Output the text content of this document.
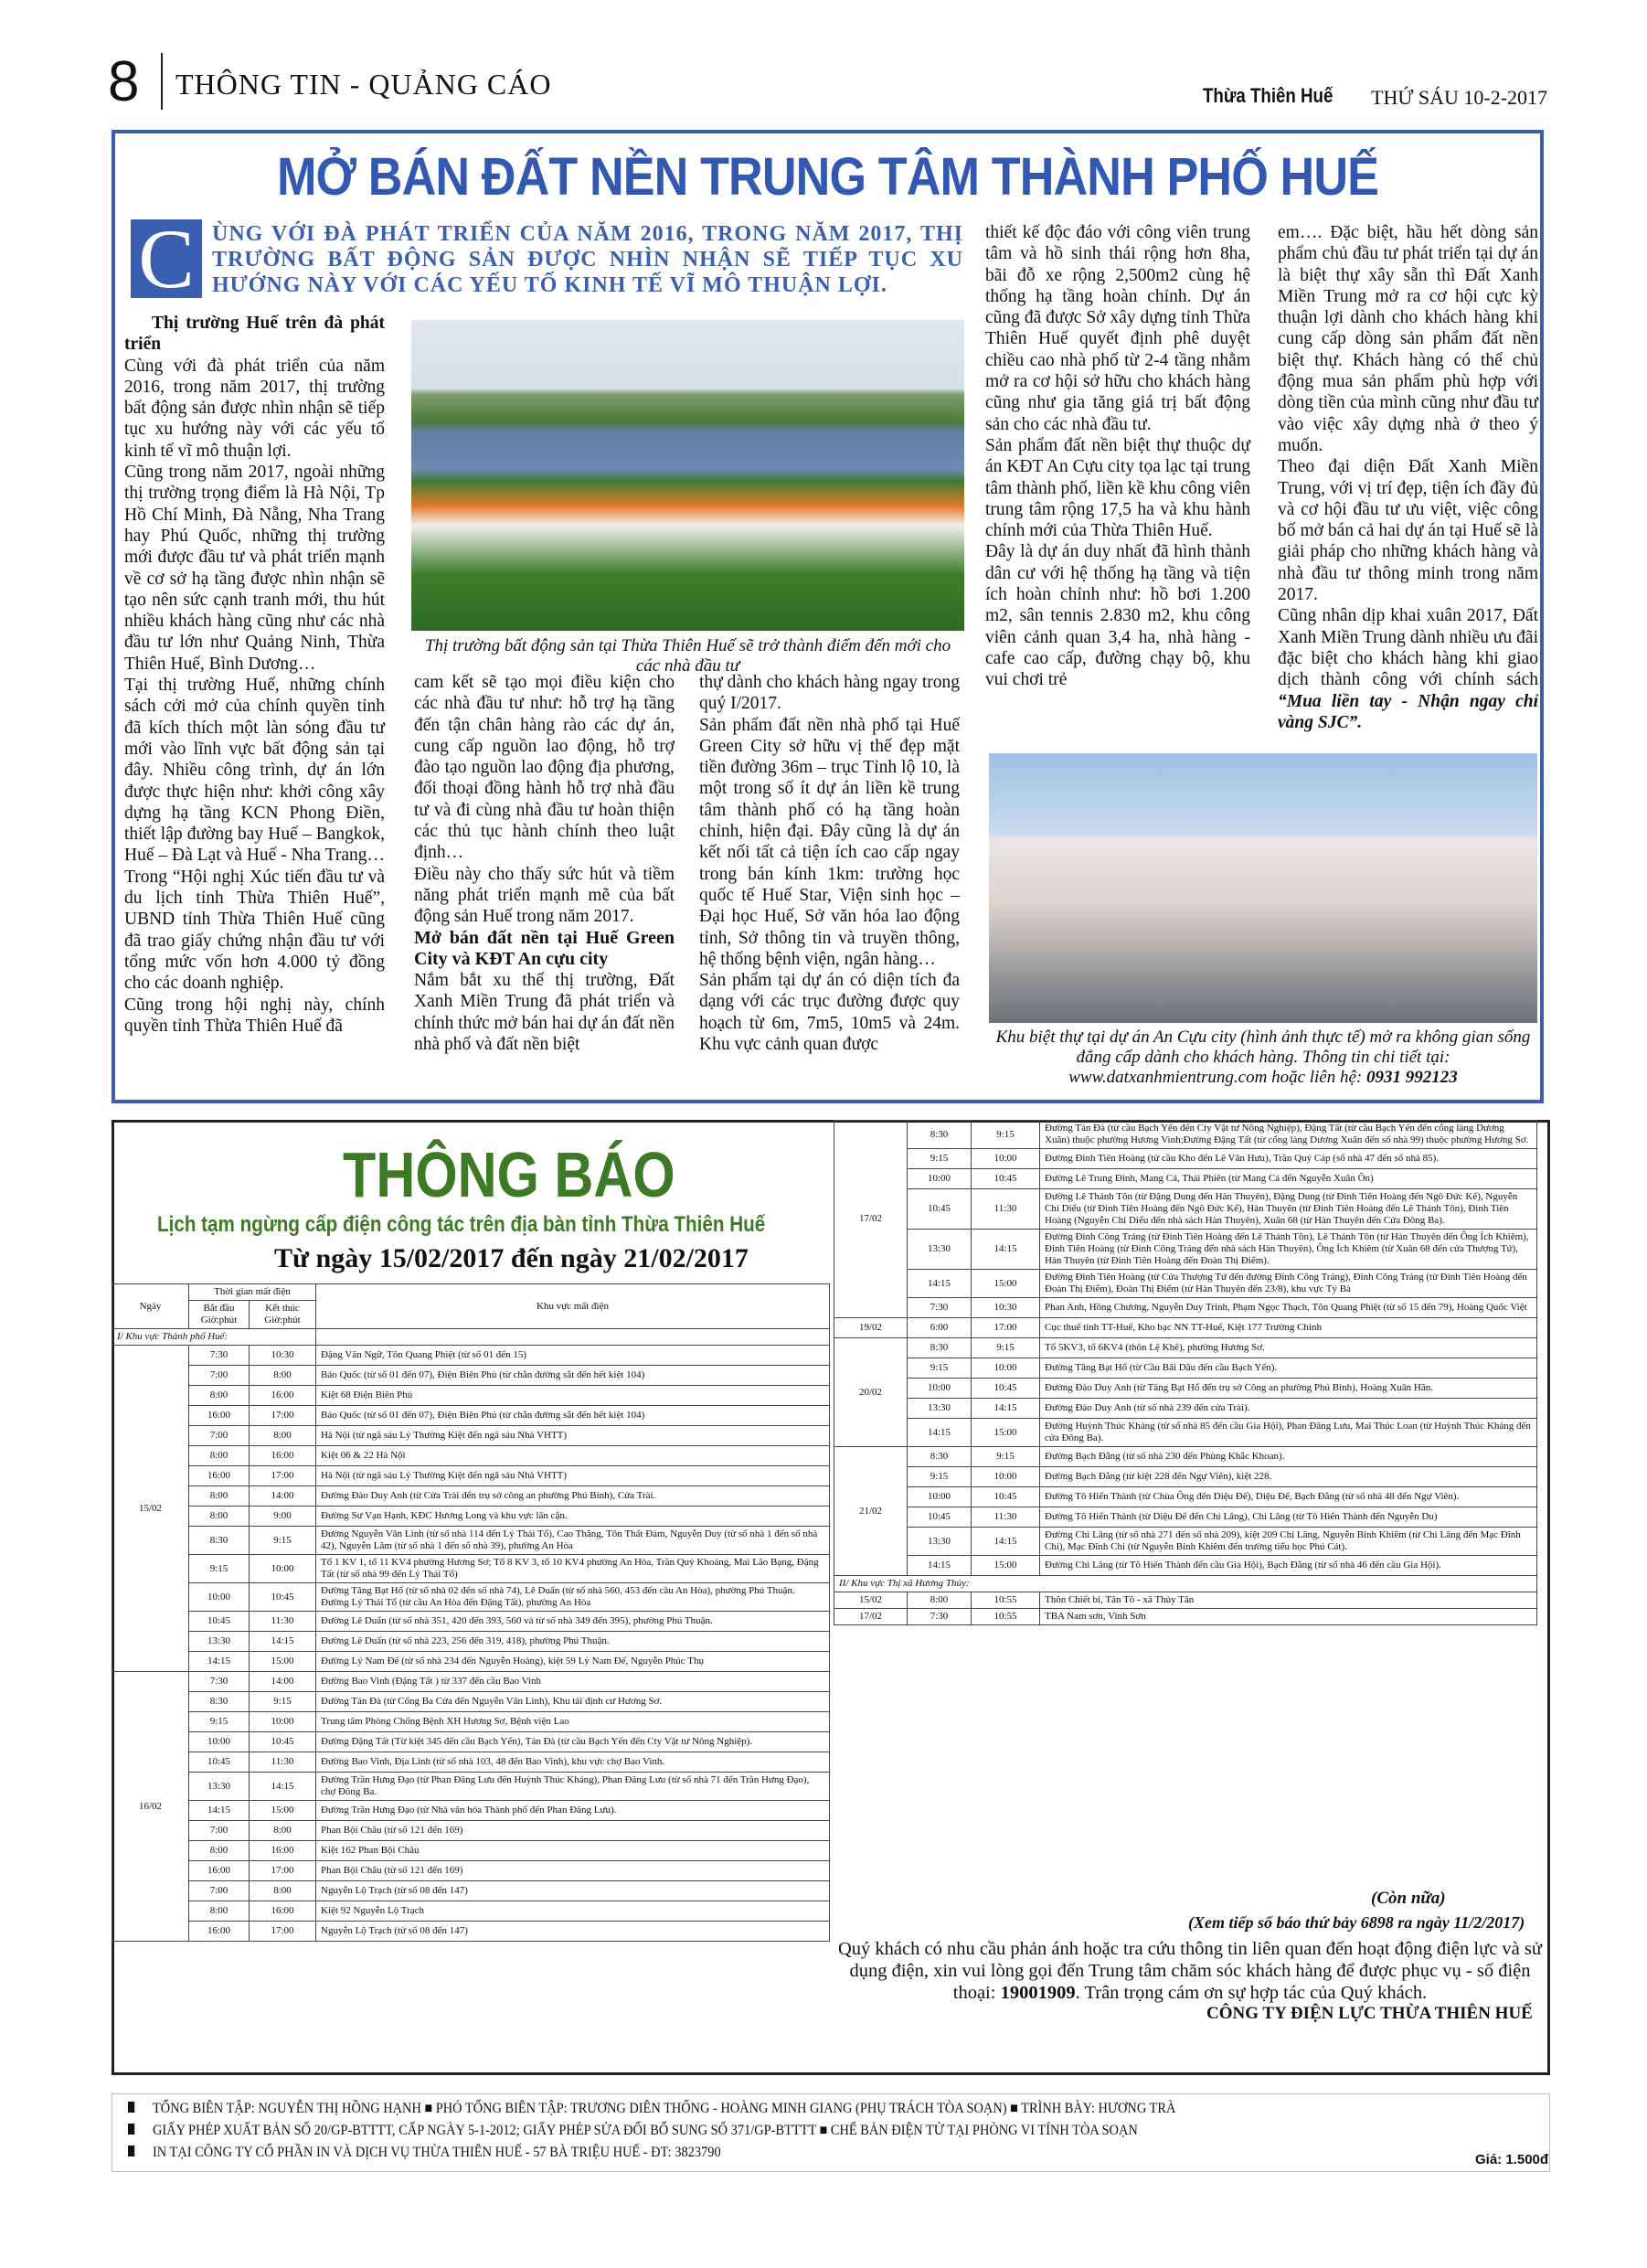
8 THÔNG TIN - QUẢNG CÁO	Thừa Thiên Huế THỨ SÁU 10-2-2017
MỞ BÁN ĐẤT NỀN TRUNG TÂM THÀNH PHỐ HUẾ
C ÙNG VỚI ĐÀ PHÁT TRIỂN CỦA NĂM 2016, TRONG NĂM 2017, THỊ TRƯỜNG BẤT ĐỘNG SẢN ĐƯỢC NHÌN NHẬN SẼ TIẾP TỤC XU HƯỚNG NÀY VỚI CÁC YẾU TỐ KINH TẾ VĨ MÔ THUẬN LỢI.
Thị trường Huế trên đà phát triển

Cùng với đà phát triển của năm 2016, trong năm 2017, thị trường bất động sản được nhìn nhận sẽ tiếp tục xu hướng này với các yếu tố kinh tế vĩ mô thuận lợi.

Cũng trong năm 2017, ngoài những thị trường trọng điểm là Hà Nội, Tp Hồ Chí Minh, Đà Nẵng, Nha Trang hay Phú Quốc, những thị trường mới được đầu tư và phát triển mạnh về cơ sở hạ tầng được nhìn nhận sẽ tạo nên sức cạnh tranh mới, thu hút nhiều khách hàng cũng như các nhà đầu tư lớn như Quảng Ninh, Thừa Thiên Huế, Bình Dương…

Tại thị trường Huế, những chính sách cởi mở của chính quyền tỉnh đã kích thích một làn sóng đầu tư mới vào lĩnh vực bất động sản tại đây. Nhiều công trình, dự án lớn được thực hiện như: khởi công xây dựng hạ tầng KCN Phong Điền, thiết lập đường bay Huế – Bangkok, Huế – Đà Lạt và Huế - Nha Trang… Trong “Hội nghị Xúc tiến đầu tư và du lịch tỉnh Thừa Thiên Huế”, UBND tỉnh Thừa Thiên Huế cũng đã trao giấy chứng nhận đầu tư với tổng mức vốn hơn 4.000 tỷ đồng cho các doanh nghiệp.

Cũng trong hội nghị này, chính quyền tỉnh Thừa Thiên Huế đã

Thị trường bất động sản tại Thừa Thiên Huế sẽ trở thành điểm đến mới cho các nhà đầu tư

cam kết sẽ tạo mọi điều kiện cho các nhà đầu tư như: hỗ trợ hạ tầng đến tận chân hàng rào các dự án, cung cấp nguồn lao động, hỗ trợ đào tạo nguồn lao động địa phương, đối thoại đồng hành hỗ trợ nhà đầu tư và đi cùng nhà đầu tư hoàn thiện các thủ tục hành chính theo luật định…

Điều này cho thấy sức hút và tiềm năng phát triển mạnh mẽ của bất động sản Huế trong năm 2017.

Mở bán đất nền tại Huế Green City và KĐT An cựu city

Nắm bắt xu thế thị trường, Đất Xanh Miền Trung đã phát triển và chính thức mở bán hai dự án đất nền nhà phố và đất nền biệt

thự dành cho khách hàng ngay trong quý I/2017.

Sản phẩm đất nền nhà phố tại Huế Green City sở hữu vị thế đẹp mặt tiền đường 36m – trục Tỉnh lộ 10, là một trong số ít dự án liền kề trung tâm thành phố có hạ tầng hoàn chỉnh, hiện đại. Đây cũng là dự án kết nối tất cả tiện ích cao cấp ngay trong bán kính 1km: trường học quốc tế Huế Star, Viện sinh học – Đại học Huế, Sở văn hóa lao động tỉnh, Sở thông tin và truyền thông, hệ thống bệnh viện, ngân hàng…

Sản phẩm tại dự án có diện tích đa dạng với các trục đường được quy hoạch từ 6m, 7m5, 10m5 và 24m. Khu vực cảnh quan được

thiết kế độc đáo với công viên trung tâm và hồ sinh thái rộng hơn 8ha, bãi đỗ xe rộng 2,500m2 cùng hệ thống hạ tầng hoàn chỉnh. Dự án cũng đã được Sở xây dựng tỉnh Thừa Thiên Huế quyết định phê duyệt chiều cao nhà phố từ 2-4 tầng nhằm mở ra cơ hội sở hữu cho khách hàng cũng như gia tăng giá trị bất động sản cho các nhà đầu tư.

Sản phẩm đất nền biệt thự thuộc dự án KĐT An Cựu city tọa lạc tại trung tâm thành phố, liền kề khu công viên trung tâm rộng 17,5 ha và khu hành chính mới của Thừa Thiên Huế.

Đây là dự án duy nhất đã hình thành dân cư với hệ thống hạ tầng và tiện ích hoàn chỉnh như: hồ bơi 1.200 m2, sân tennis 2.830 m2, khu công viên cảnh quan 3,4 ha, nhà hàng - cafe cao cấp, đường chạy bộ, khu vui chơi trẻ

em…. Đặc biệt, hầu hết dòng sản phẩm chủ đầu tư phát triển tại dự án là biệt thự xây sẵn thì Đất Xanh Miền Trung mở ra cơ hội cực kỳ thuận lợi dành cho khách hàng khi cung cấp dòng sản phẩm đất nền biệt thự. Khách hàng có thể chủ động mua sản phẩm phù hợp với dòng tiền của mình cũng như đầu tư vào việc xây dựng nhà ở theo ý muốn.

Theo đại diện Đất Xanh Miền Trung, với vị trí đẹp, tiện ích đầy đủ và cơ hội đầu tư ưu việt, việc công bố mở bán cả hai dự án tại Huế sẽ là giải pháp cho những khách hàng và nhà đầu tư thông minh trong năm 2017.

Cũng nhân dịp khai xuân 2017, Đất Xanh Miền Trung dành nhiều ưu đãi đặc biệt cho khách hàng khi giao dịch thành công với chính sách “Mua liền tay - Nhận ngay chỉ vàng SJC”.

Khu biệt thự tại dự án An Cựu city (hình ảnh thực tế) mở ra không gian sống đẳng cấp dành cho khách hàng. Thông tin chi tiết tại: www.datxanhmientrung.com hoặc liên hệ: 0931 992123
THÔNG BÁO
Lịch tạm ngừng cấp điện công tác trên địa bàn tỉnh Thừa Thiên Huế
Từ ngày 15/02/2017 đến ngày 21/02/2017
Ngày	Thời gian mất điện		Khu vực mất điện
	Bắt đầu Giờ:phút	Kết thúc Giờ:phút	
I/ Khu vực Thành phố Huế:			
15/02	7:30	10:30	Đặng Văn Ngữ, Tôn Quang Phiệt (từ số 01 đến 15)
	7:00	8:00	Bảo Quốc (từ số 01 đến 07), Điện Biên Phủ (từ chắn đường sắt đến hết kiệt 104)
	8:00	16:00	Kiệt 68 Điện Biên Phủ
	16:00	17:00	Bảo Quốc (từ số 01 đến 07), Điện Biên Phủ (từ chắn đường sắt đến hết kiệt 104)
	7:00	8:00	Hà Nội (từ ngã sáu Lý Thường Kiệt đến ngã sáu Nhà VHTT)
	8:00	16:00	Kiệt 06 & 22 Hà Nội
	16:00	17:00	Hà Nội (từ ngã sáu Lý Thường Kiệt đến ngã sáu Nhà VHTT)
	8:00	14:00	Đường Đào Duy Anh (từ Cửa Trài đến trụ sở công an phường Phú Bình), Cửa Trài.
	8:00	9:00	Đường Sư Vạn Hạnh, KĐC Hương Long và khu vực lân cận.
	8:30	9:15	Đường Nguyễn Văn Linh (từ số nhà 114 đến Lý Thái Tổ), Cao Thắng, Tôn Thất Đàm, Nguyễn Duy (từ số nhà 1 đến số nhà 42), Nguyễn Lâm (từ số nhà 1 đến số nhà 39), phường An Hòa
	9:15	10:00	Tổ 1 KV 1, tổ 11 KV4 phường Hương Sơ; Tổ 8 KV 3, tổ 10 KV4 phường An Hòa, Trần Quý Khoáng, Mai Lão Bạng, Đặng Tất (từ số nhà 99 đến Lý Thái Tổ)
	10:00	10:45	Đường Tăng Bạt Hổ (từ số nhà 02 đến số nhà 74), Lê Duẩn (từ số nhà 560, 453 đến cầu An Hòa), phường Phú Thuận. Đường Lý Thái Tổ (từ cầu An Hòa đến Đặng Tất), phường An Hòa
	10:45	11:30	Đường Lê Duẩn (từ số nhà 351, 420 đến 393, 560 và từ số nhà 349 đến 395), phường Phú Thuận.
	13:30	14:15	Đường Lê Duẩn (từ số nhà 223, 256 đến 319, 418), phường Phú Thuận.
	14:15	15:00	Đường Lý Nam Đế (từ số nhà 234 đến Nguyễn Hoàng), kiệt 59 Lý Nam Đế, Nguyễn Phúc Thụ
16/02	7:30	14:00	Đường Bao Vinh (Đặng Tất ) từ 337 đến cầu Bao Vinh
	8:30	9:15	Đường Tản Đà (từ Cống Ba Cửa đến Nguyễn Văn Linh), Khu tái định cư Hương Sơ.
	9:15	10:00	Trung tâm Phòng Chống Bệnh XH Hương Sơ, Bệnh viện Lao
	10:00	10:45	Đường Đặng Tất (Từ kiệt 345 đến cầu Bạch Yến), Tản Đà (từ cầu Bạch Yến đến Cty Vật tư Nông Nghiệp).
	10:45	11:30	Đường Bao Vinh, Địa Linh (từ số nhà 103, 48 đến Bao Vinh), khu vực chợ Bao Vinh.
	13:30	14:15	Đường Trần Hưng Đạo (từ Phan Đăng Lưu đến Huỳnh Thúc Kháng), Phan Đăng Lưu (từ số nhà 71 đến Trần Hưng Đạo), chợ Đông Ba.
	14:15	15:00	Đường Trần Hưng Đạo (từ Nhà văn hóa Thành phố đến Phan Đăng Lưu).
	7:00	8:00	Phan Bội Châu (từ số 121 đến 169)
	8:00	16:00	Kiệt 162 Phan Bội Châu
	16:00	17:00	Phan Bội Châu (từ số 121 đến 169)
	7:00	8:00	Nguyễn Lộ Trạch (từ số 08 đến 147)
	8:00	16:00	Kiệt 92 Nguyễn Lộ Trạch
	16:00	17:00	Nguyễn Lộ Trạch (từ số 08 đến 147)
17/02	8:30	9:15	Đường Tản Đà (từ cầu Bạch Yến đến Cty Vật tư Nông Nghiệp), Đặng Tất (từ cầu Bạch Yến đến cổng làng Dương Xuân) thuộc phường Hương Vinh;Đường Đặng Tất (từ cổng làng Dương Xuân đến số nhà 99) thuộc phường Hương Sơ.
	9:15	10:00	Đường Đinh Tiên Hoàng (từ cầu Kho đến Lê Văn Hưu), Trần Quý Cáp (số nhà 47 đến số nhà 85).
	10:00	10:45	Đường Lê Trung Đình, Mang Cá, Thái Phiên (từ Mang Cá đến Nguyễn Xuân Ôn)
	10:45	11:30	Đường Lê Thánh Tôn (từ Đặng Dung đến Hàn Thuyên), Đặng Dung (từ Đinh Tiên Hoàng đến Ngô Đức Kế), Nguyễn Chí Diểu (từ Đinh Tiên Hoàng đến Ngô Đức Kế), Hàn Thuyên (từ Đinh Tiên Hoàng đến Lê Thánh Tôn), Đinh Tiên Hoàng (Nguyễn Chí Diểu đến nhà sách Hàn Thuyên), Xuân 68 (từ Hàn Thuyên đến Cửa Đông Ba).
	13:30	14:15	Đường Đinh Công Tráng (từ Đinh Tiên Hoàng đến Lê Thánh Tôn), Lê Thánh Tôn (từ Hàn Thuyên đến Ông Ích Khiêm), Đinh Tiên Hoàng (từ Đinh Công Tráng đến nhà sách Hàn Thuyên), Ông Ích Khiêm (từ Xuân 68 đến cửa Thượng Tứ), Hàn Thuyên (từ Đinh Tiên Hoàng đến Đoàn Thị Điểm).
	14:15	15:00	Đường Đinh Tiên Hoàng (từ Cửa Thượng Tứ đến đường Đinh Công Tráng), Đinh Công Tráng (từ Đinh Tiên Hoàng đến Đoàn Thị Điểm), Đoàn Thị Điểm (từ Hàn Thuyên đến 23/8), khu vực Tỷ Bà
	7:30	10:30	Phan Anh, Hồng Chương, Nguyễn Duy Trinh, Phạm Ngọc Thạch, Tôn Quang Phiệt (từ số 15 đến 79), Hoàng Quốc Việt
19/02	6:00	17:00	Cục thuế tỉnh TT-Huế, Kho bạc NN TT-Huế, Kiệt 177 Trường Chinh
20/02	8:30	9:15	Tổ 5KV3, tổ 6KV4 (thôn Lệ Khê), phường Hương Sơ.
	9:15	10:00	Đường Tăng Bạt Hổ (từ Cầu Bãi Dâu đến cầu Bạch Yến).
	10:00	10:45	Đường Đào Duy Anh (từ Tăng Bạt Hổ đến trụ sở Công an phường Phú Bình), Hoàng Xuân Hãn.
	13:30	14:15	Đường Đào Duy Anh (từ số nhà 239 đến cửa Trài).
	14:15	15:00	Đường Huỳnh Thúc Kháng (từ số nhà 85 đến cầu Gia Hội), Phan Đăng Lưu, Mai Thúc Loan (từ Huỳnh Thúc Kháng đến cửa Đông Ba).
21/02	8:30	9:15	Đường Bạch Đằng (từ số nhà 230 đến Phùng Khắc Khoan).
	9:15	10:00	Đường Bạch Đằng (từ kiệt 228 đến Ngự Viên), kiệt 228.
	10:00	10:45	Đường Tô Hiến Thành (từ Chùa Ông đến Diệu Đế), Diệu Đế, Bạch Đằng (từ số nhà 48 đến Ngự Viên).
	10:45	11:30	Đường Tô Hiến Thành (từ Diệu Đế đến Chi Lăng), Chi Lăng (từ Tô Hiến Thành đến Nguyễn Du)
	13:30	14:15	Đường Chi Lăng (từ số nhà 271 đến số nhà 209), kiệt 209 Chi Lăng, Nguyễn Bỉnh Khiêm (từ Chi Lăng đến Mạc Đĩnh Chi), Mạc Đĩnh Chi (từ Nguyễn Bỉnh Khiêm đến trường tiểu học Phú Cát).
	14:15	15:00	Đường Chi Lăng (từ Tô Hiến Thành đến cầu Gia Hội), Bạch Đằng (từ số nhà 46 đến cầu Gia Hội).
II/ Khu vực Thị xã Hương Thủy:			
15/02	8:00	10:55	Thôn Chiết bi, Tân Tô - xã Thủy Tân
17/02	7:30	10:55	TBA Nam sơn, Vinh Sơn
(Còn nữa)
(Xem tiếp số báo thứ bảy 6898 ra ngày 11/2/2017)
Quý khách có nhu cầu phản ánh hoặc tra cứu thông tin liên quan đến hoạt động điện lực và sử dụng điện, xin vui lòng gọi đến Trung tâm chăm sóc khách hàng để được phục vụ - số điện thoại: 19001909. Trân trọng cám ơn sự hợp tác của Quý khách.
CÔNG TY ĐIỆN LỰC THỪA THIÊN HUẾ
TỔNG BIÊN TẬP: NGUYỄN THỊ HỒNG HẠNH ■ PHÓ TỔNG BIÊN TẬP: TRƯƠNG DIÊN THỐNG - HOÀNG MINH GIANG (PHỤ TRÁCH TÒA SOẠN) ■ TRÌNH BÀY: HƯƠNG TRÀ
GIẤY PHÉP XUẤT BẢN SỐ 20/GP-BTTTT, CẤP NGÀY 5-1-2012; GIẤY PHÉP SỬA ĐỔI BỔ SUNG SỐ 371/GP-BTTTT ■ CHẾ BẢN ĐIỆN TỬ TẠI PHÒNG VI TÍNH TÒA SOẠN
IN TẠI CÔNG TY CỔ PHẦN IN VÀ DỊCH VỤ THỪA THIÊN HUẾ - 57 BÀ TRIỆU HUẾ - ĐT: 3823790	Giá: 1.500đ
